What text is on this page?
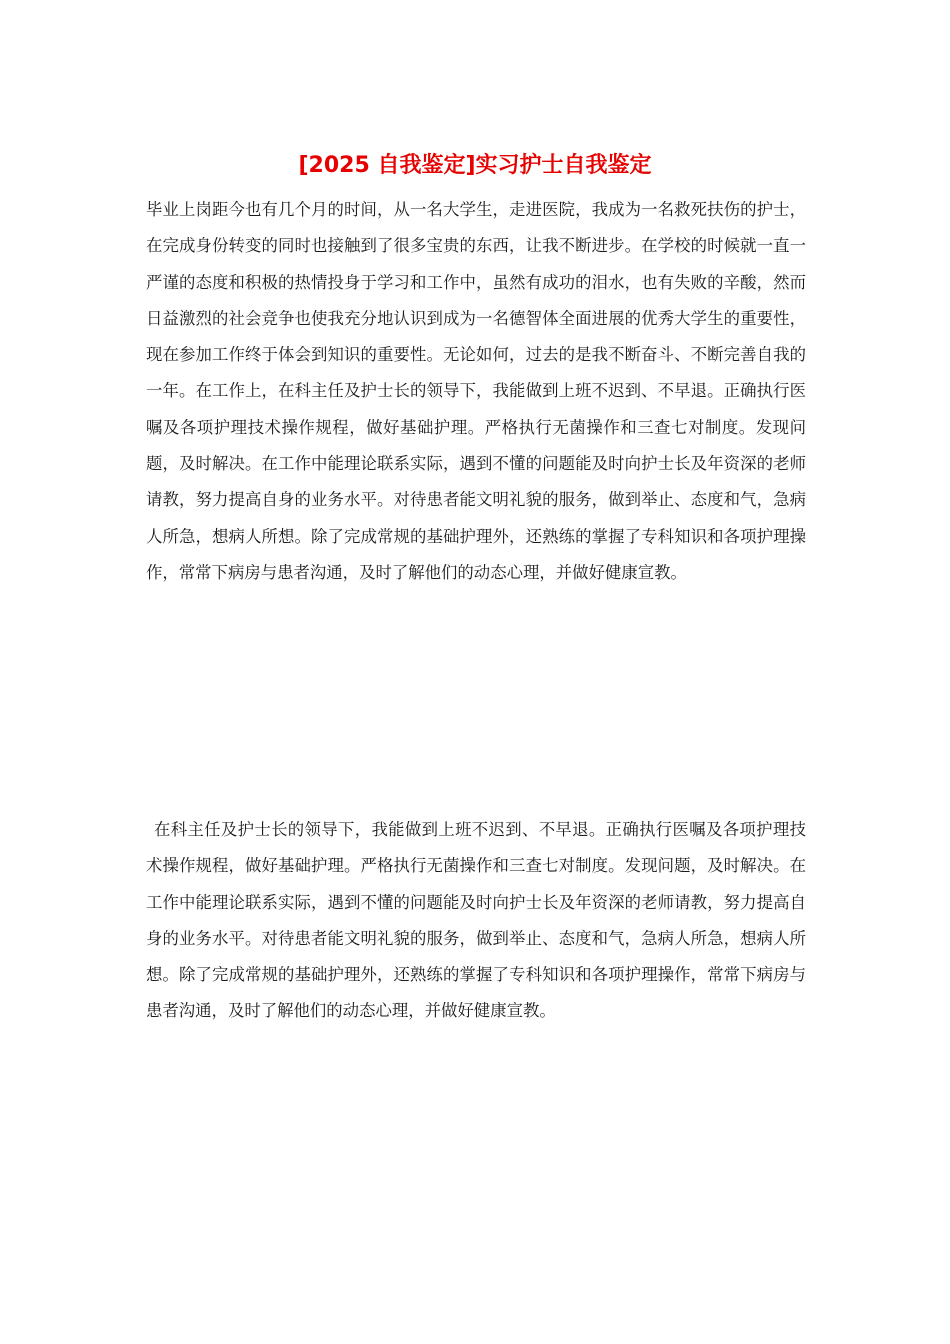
[2025 自我鉴定]实习护士自我鉴定

毕业上岗距今也有几个月的时间，从一名大学生，走进医院，我成为一名救死扶伤的护士，在完成身份转变的同时也接触到了很多宝贵的东西，让我不断进步。在学校的时候就一直一严谨的态度和积极的热情投身于学习和工作中，虽然有成功的泪水，也有失败的辛酸，然而日益激烈的社会竞争也使我充分地认识到成为一名德智体全面进展的优秀大学生的重要性，现在参加工作终于体会到知识的重要性。无论如何，过去的是我不断奋斗、不断完善自我的一年。在工作上，在科主任及护士长的领导下，我能做到上班不迟到、不早退。正确执行医嘱及各项护理技术操作规程，做好基础护理。严格执行无菌操作和三查七对制度。发现问题，及时解决。在工作中能理论联系实际，遇到不懂的问题能及时向护士长及年资深的老师请教，努力提高自身的业务水平。对待患者能文明礼貌的服务，做到举止、态度和气，急病人所急，想病人所想。除了完成常规的基础护理外，还熟练的掌握了专科知识和各项护理操作，常常下病房与患者沟通，及时了解他们的动态心理，并做好健康宣教。

在科主任及护士长的领导下，我能做到上班不迟到、不早退。正确执行医嘱及各项护理技术操作规程，做好基础护理。严格执行无菌操作和三查七对制度。发现问题，及时解决。在工作中能理论联系实际，遇到不懂的问题能及时向护士长及年资深的老师请教，努力提高自身的业务水平。对待患者能文明礼貌的服务，做到举止、态度和气，急病人所急，想病人所想。除了完成常规的基础护理外，还熟练的掌握了专科知识和各项护理操作，常常下病房与患者沟通，及时了解他们的动态心理，并做好健康宣教。
